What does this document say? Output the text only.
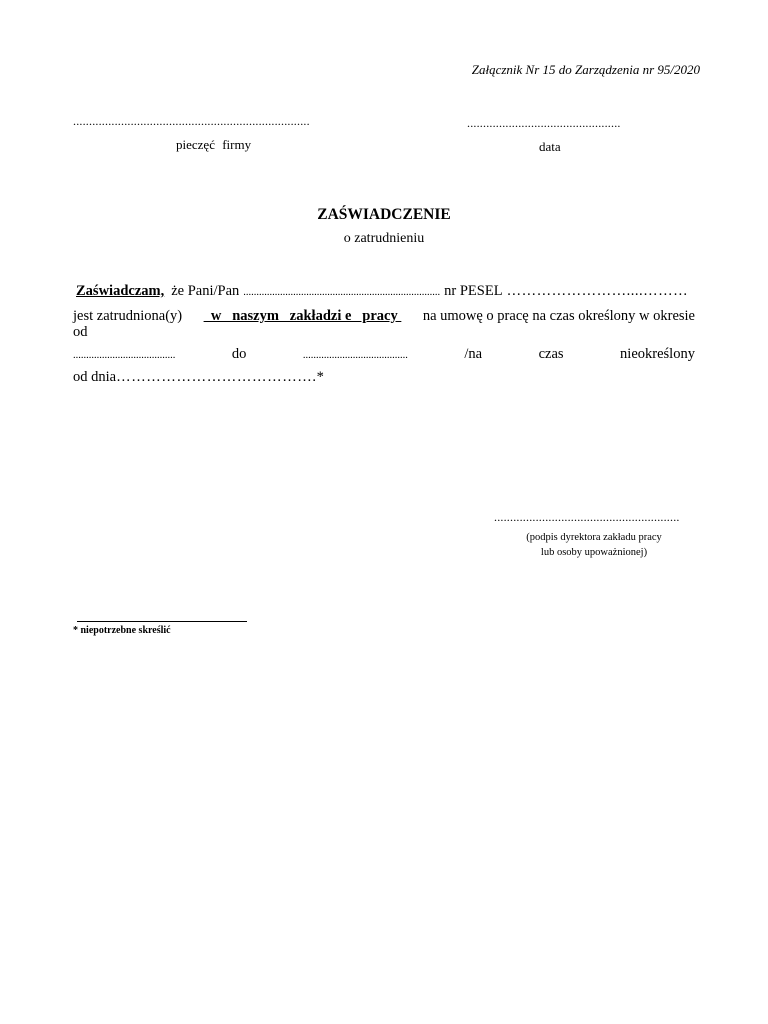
Załącznik Nr 15 do Zarządzenia nr 95/2020
..........................................................................	................................................
pieczęć firmy	data
ZAŚWIADCZENIE
o zatrudnieniu
Zaświadczam, że Pani/Pan ........................................................................... nr PESEL ……………………....………
jest zatrudniona(y) w   naszym   zakładzi e   pracy na umowę o pracę na czas określony w okresie
od
.......................................	do	........................................	/na	czas	nieokreślony
od dnia………………………………….*
..........................................................
(podpis dyrektora zakładu pracy
lub osoby upoważnionej)
* niepotrzebne skreślić
